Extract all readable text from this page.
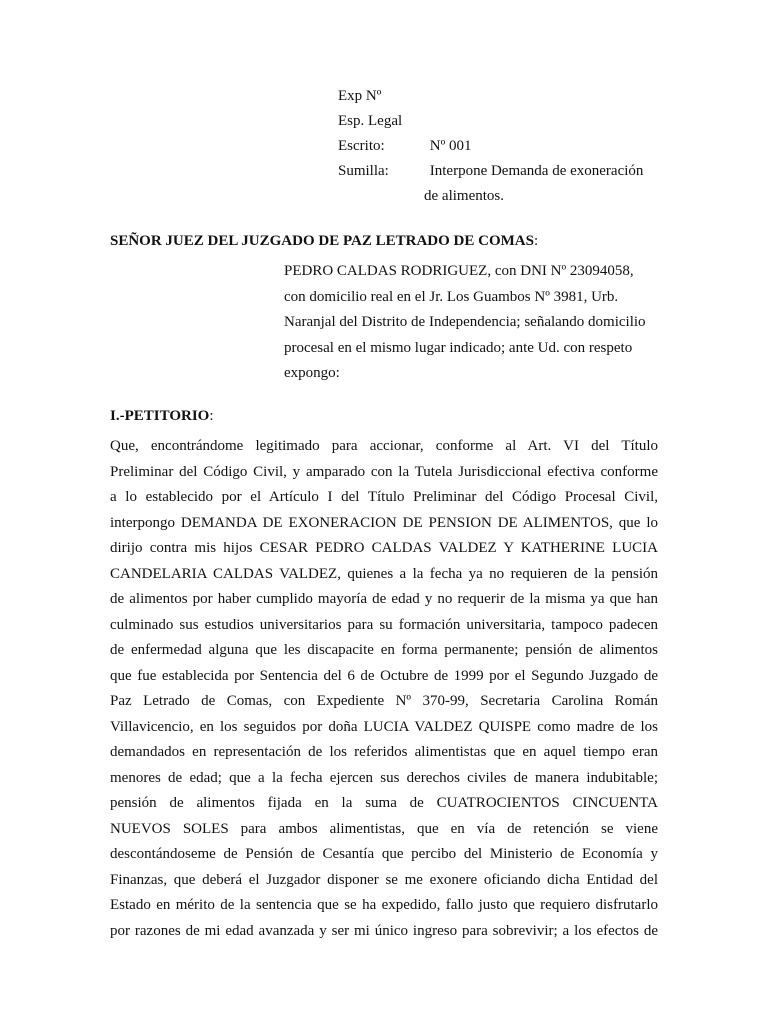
Exp Nº
Esp. Legal
Escrito:	Nº 001
Sumilla:	Interpone Demanda de exoneración
de alimentos.
SEÑOR JUEZ DEL JUZGADO DE PAZ LETRADO DE COMAS:
PEDRO CALDAS RODRIGUEZ, con DNI Nº 23094058,
con domicilio real en el Jr. Los Guambos Nº 3981, Urb.
Naranjal del Distrito de Independencia; señalando domicilio
procesal en el mismo lugar indicado; ante Ud. con respeto
expongo:
I.-PETITORIO:
Que, encontrándome legitimado para accionar, conforme al Art. VI del Título
Preliminar del Código Civil, y amparado con la Tutela Jurisdiccional efectiva conforme
a lo establecido por el Artículo I del Título Preliminar del Código Procesal Civil,
interpongo DEMANDA DE EXONERACION DE PENSION DE ALIMENTOS, que lo
dirijo contra mis hijos CESAR PEDRO CALDAS VALDEZ Y KATHERINE LUCIA
CANDELARIA CALDAS VALDEZ, quienes a la fecha ya no requieren de la pensión
de alimentos por haber cumplido mayoría de edad y no requerir de la misma ya que han
culminado sus estudios universitarios para su formación universitaria, tampoco padecen
de enfermedad alguna que les discapacite en forma permanente; pensión de alimentos
que fue establecida por Sentencia del 6 de Octubre de 1999 por el Segundo Juzgado de
Paz Letrado de Comas, con Expediente Nº 370-99, Secretaria Carolina Román
Villavicencio, en los seguidos por doña LUCIA VALDEZ QUISPE como madre de los
demandados en representación de los referidos alimentistas que en aquel tiempo eran
menores de edad; que a la fecha ejercen sus derechos civiles de manera indubitable;
pensión de alimentos fijada en la suma de CUATROCIENTOS CINCUENTA
NUEVOS SOLES para ambos alimentistas, que en vía de retención se viene
descontándoseme de Pensión de Cesantía que percibo del Ministerio de Economía y
Finanzas, que deberá el Juzgador disponer se me exonere oficiando dicha Entidad del
Estado en mérito de la sentencia que se ha expedido, fallo justo que requiero disfrutarlo
por razones de mi edad avanzada y ser mi único ingreso para sobrevivir; a los efectos de
